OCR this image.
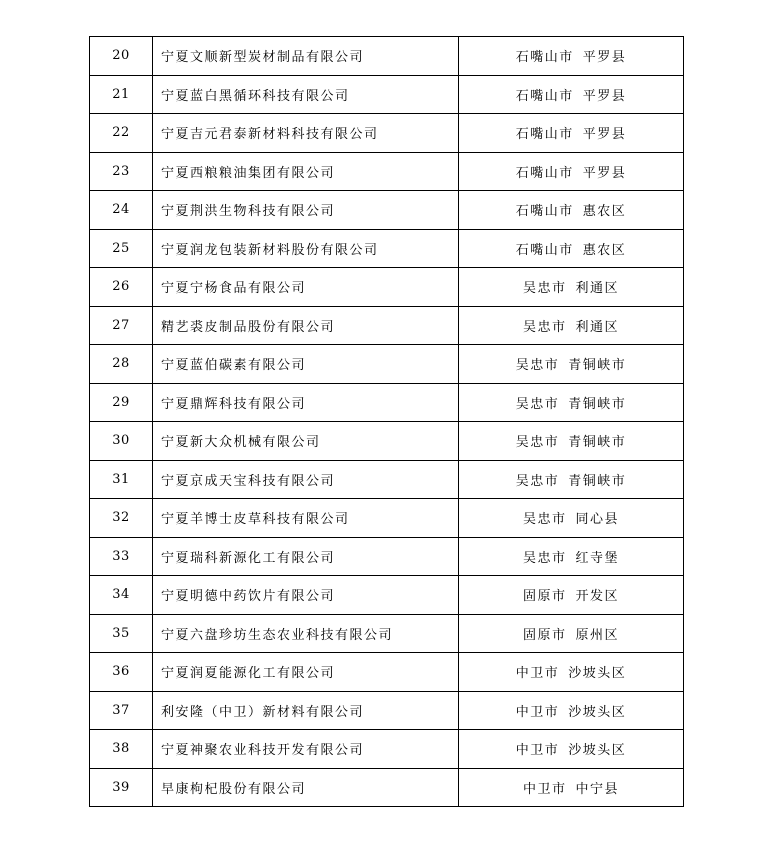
20	宁夏文顺新型炭材制品有限公司	石嘴山市 平罗县
21	宁夏蓝白黑循环科技有限公司	石嘴山市 平罗县
22	宁夏吉元君泰新材料科技有限公司	石嘴山市 平罗县
23	宁夏西粮粮油集团有限公司	石嘴山市 平罗县
24	宁夏荆洪生物科技有限公司	石嘴山市 惠农区
25	宁夏润龙包装新材料股份有限公司	石嘴山市 惠农区
26	宁夏宁杨食品有限公司	吴忠市 利通区
27	精艺裘皮制品股份有限公司	吴忠市 利通区
28	宁夏蓝伯碳素有限公司	吴忠市 青铜峡市
29	宁夏鼎辉科技有限公司	吴忠市 青铜峡市
30	宁夏新大众机械有限公司	吴忠市 青铜峡市
31	宁夏京成天宝科技有限公司	吴忠市 青铜峡市
32	宁夏羊博士皮草科技有限公司	吴忠市 同心县
33	宁夏瑞科新源化工有限公司	吴忠市 红寺堡
34	宁夏明德中药饮片有限公司	固原市 开发区
35	宁夏六盘珍坊生态农业科技有限公司	固原市 原州区
36	宁夏润夏能源化工有限公司	中卫市 沙坡头区
37	利安隆（中卫）新材料有限公司	中卫市 沙坡头区
38	宁夏神聚农业科技开发有限公司	中卫市 沙坡头区
39	早康枸杞股份有限公司	中卫市 中宁县
